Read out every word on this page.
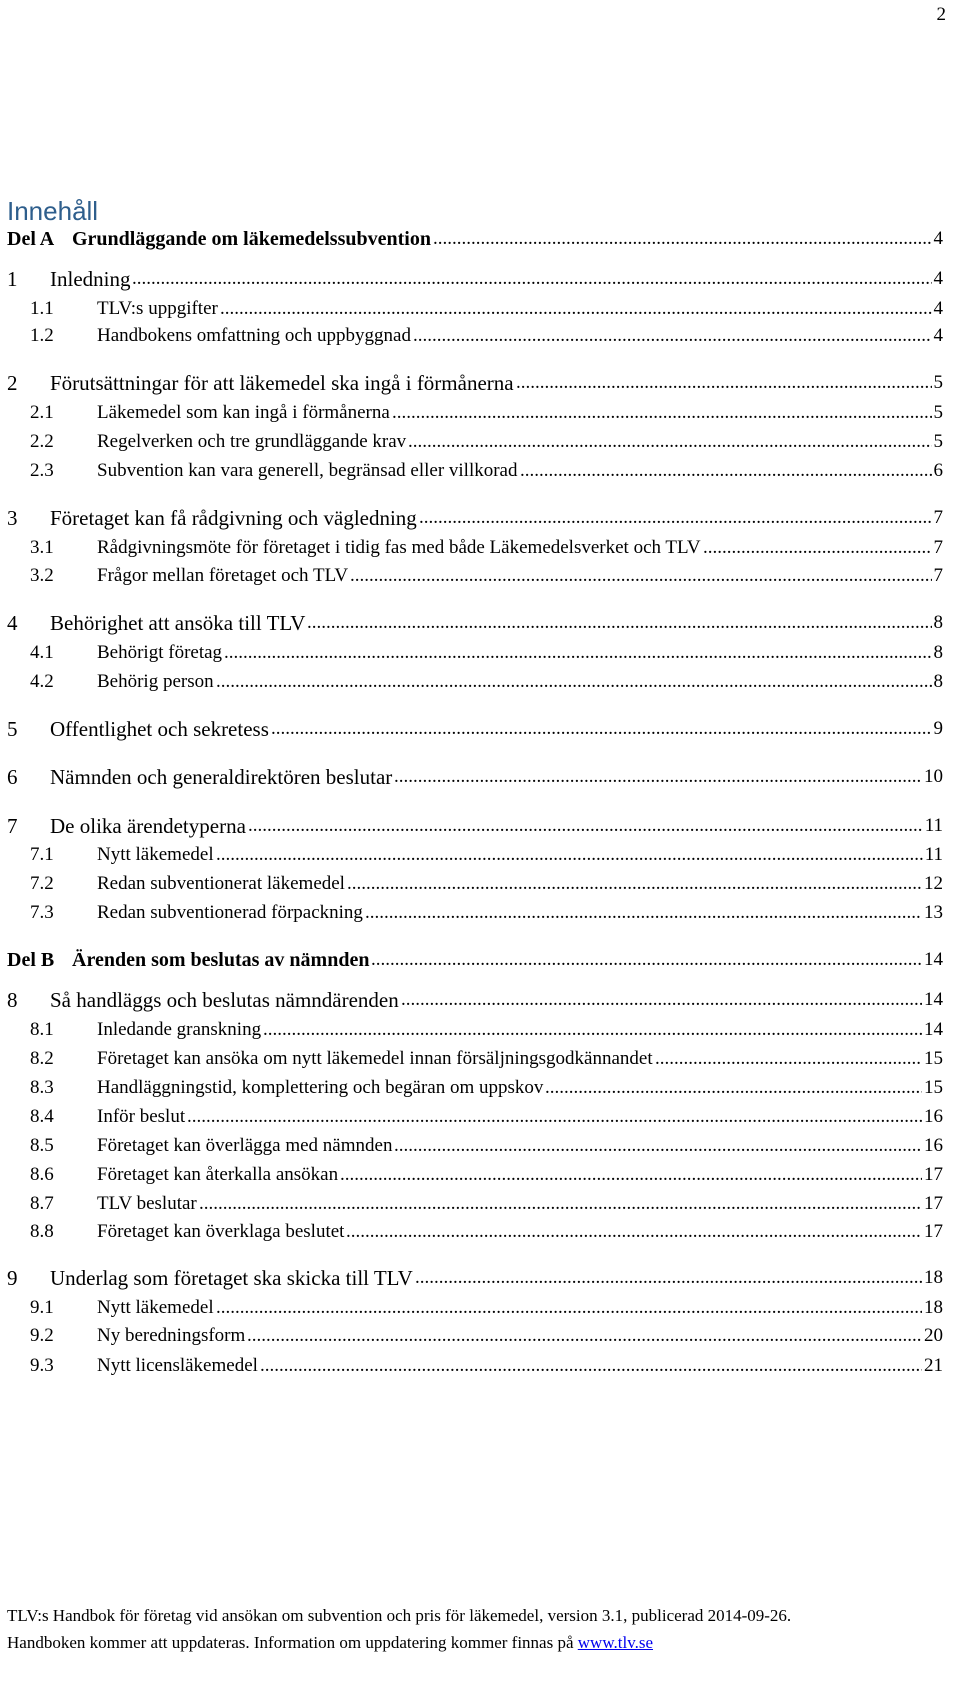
2
Innehåll
Del A Grundläggande om läkemedelssubvention .....	4
1 Inledning .....	4
1.1 TLV:s uppgifter .....	4
1.2 Handbokens omfattning och uppbyggnad .....	4
2 Förutsättningar för att läkemedel ska ingå i förmånerna .....	5
2.1 Läkemedel som kan ingå i förmånerna .....	5
2.2 Regelverken och tre grundläggande krav .....	5
2.3 Subvention kan vara generell, begränsad eller villkorad .....	6
3 Företaget kan få rådgivning och vägledning .....	7
3.1 Rådgivningsmöte för företaget i tidig fas med både Läkemedelsverket och TLV .....	7
3.2 Frågor mellan företaget och TLV .....	7
4 Behörighet att ansöka till TLV .....	8
4.1 Behörigt företag .....	8
4.2 Behörig person .....	8
5 Offentlighet och sekretess .....	9
6 Nämnden och generaldirektören beslutar .....	10
7 De olika ärendetyperna .....	11
7.1 Nytt läkemedel .....	11
7.2 Redan subventionerat läkemedel .....	12
7.3 Redan subventionerad förpackning .....	13
Del B Ärenden som beslutas av nämnden .....	14
8 Så handläggs och beslutas nämndärenden .....	14
8.1 Inledande granskning .....	14
8.2 Företaget kan ansöka om nytt läkemedel innan försäljningsgodkännandet .....	15
8.3 Handläggningstid, komplettering och begäran om uppskov .....	15
8.4 Inför beslut .....	16
8.5 Företaget kan överlägga med nämnden .....	16
8.6 Företaget kan återkalla ansökan .....	17
8.7 TLV beslutar .....	17
8.8 Företaget kan överklaga beslutet .....	17
9 Underlag som företaget ska skicka till TLV .....	18
9.1 Nytt läkemedel .....	18
9.2 Ny beredningsform .....	20
9.3 Nytt licensläkemedel .....	21
TLV:s Handbok för företag vid ansökan om subvention och pris för läkemedel, version 3.1, publicerad 2014-09-26.
Handboken kommer att uppdateras. Information om uppdatering kommer finnas på www.tlv.se
